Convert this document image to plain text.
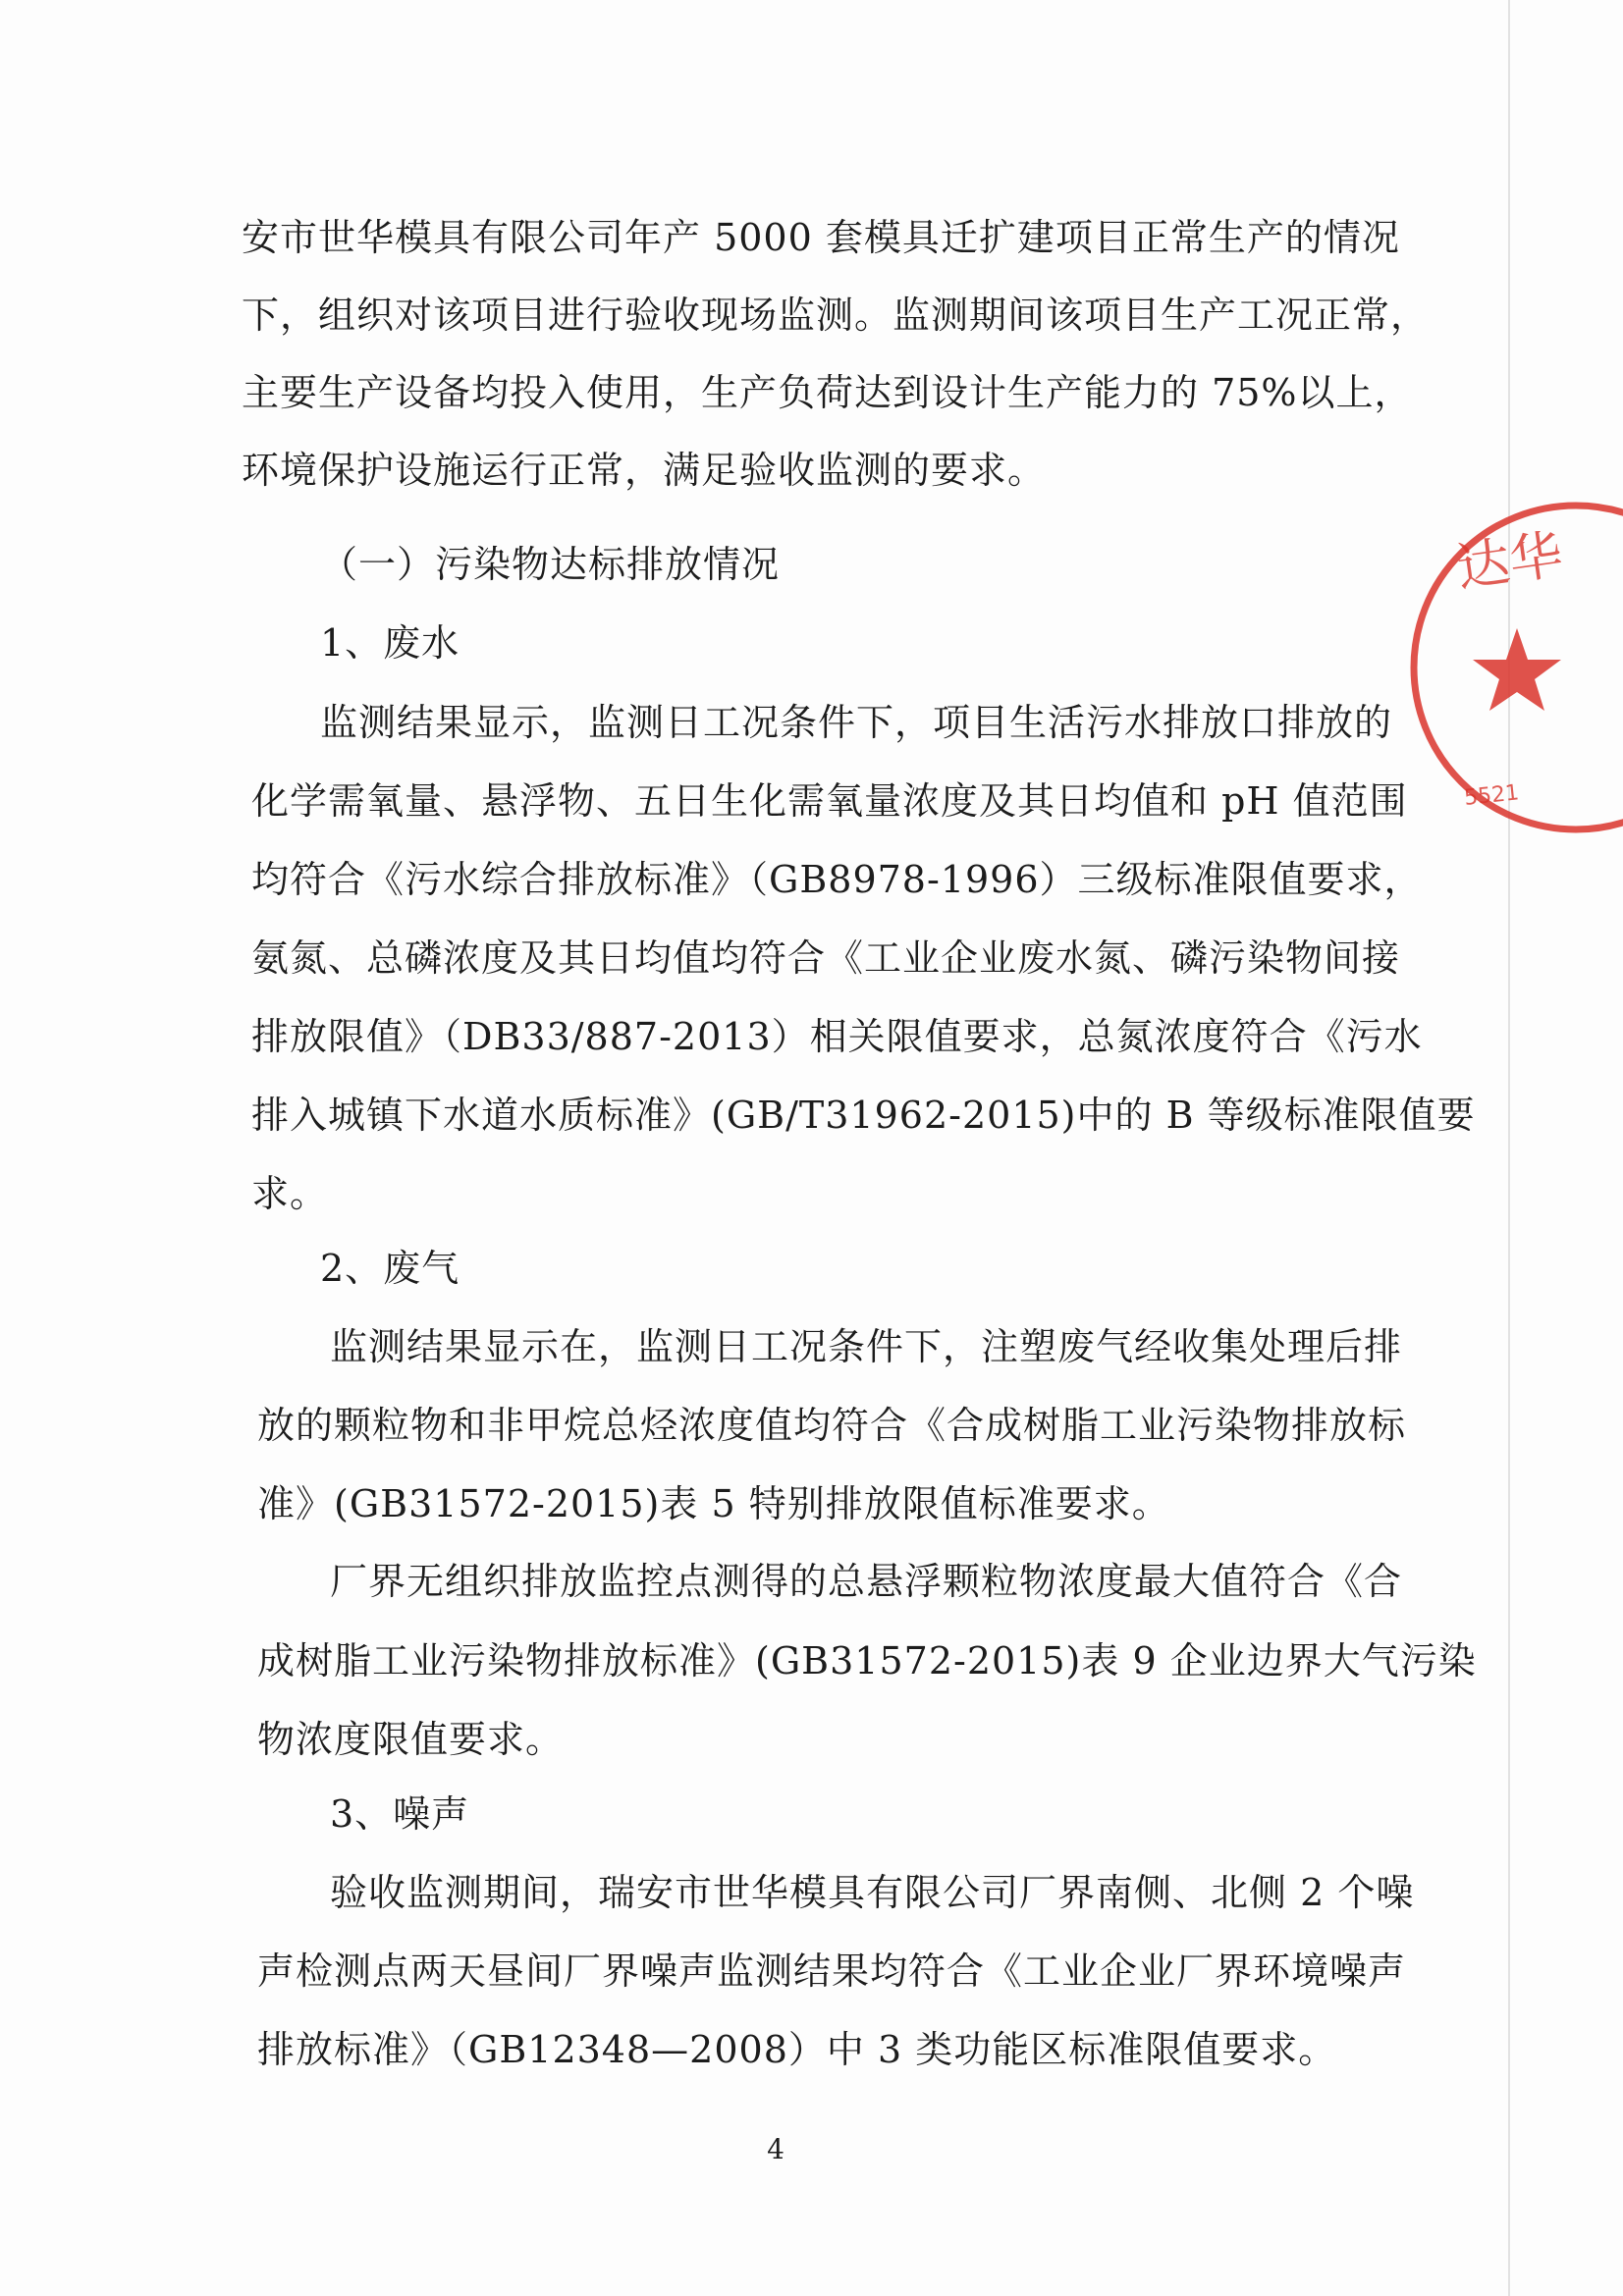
安市世华模具有限公司年产 5000 套模具迁扩建项目正常生产的情况
下，组织对该项目进行验收现场监测。监测期间该项目生产工况正常，
主要生产设备均投入使用，生产负荷达到设计生产能力的 75%以上，
环境保护设施运行正常，满足验收监测的要求。
（一）污染物达标排放情况
1、废水
监测结果显示，监测日工况条件下，项目生活污水排放口排放的
化学需氧量、悬浮物、五日生化需氧量浓度及其日均值和 pH 值范围
均符合《污水综合排放标准》（GB8978-1996）三级标准限值要求，
氨氮、总磷浓度及其日均值均符合《工业企业废水氮、磷污染物间接
排放限值》（DB33/887-2013）相关限值要求，总氮浓度符合《污水
排入城镇下水道水质标准》(GB/T31962-2015)中的 B 等级标准限值要
求。
2、废气
监测结果显示在，监测日工况条件下，注塑废气经收集处理后排
放的颗粒物和非甲烷总烃浓度值均符合《合成树脂工业污染物排放标
准》(GB31572-2015)表 5 特别排放限值标准要求。
厂界无组织排放监控点测得的总悬浮颗粒物浓度最大值符合《合
成树脂工业污染物排放标准》(GB31572-2015)表 9 企业边界大气污染
物浓度限值要求。
3、噪声
验收监测期间，瑞安市世华模具有限公司厂界南侧、北侧 2 个噪
声检测点两天昼间厂界噪声监测结果均符合《工业企业厂界环境噪声
排放标准》（GB12348—2008）中 3 类功能区标准限值要求。
4
达华
5521
